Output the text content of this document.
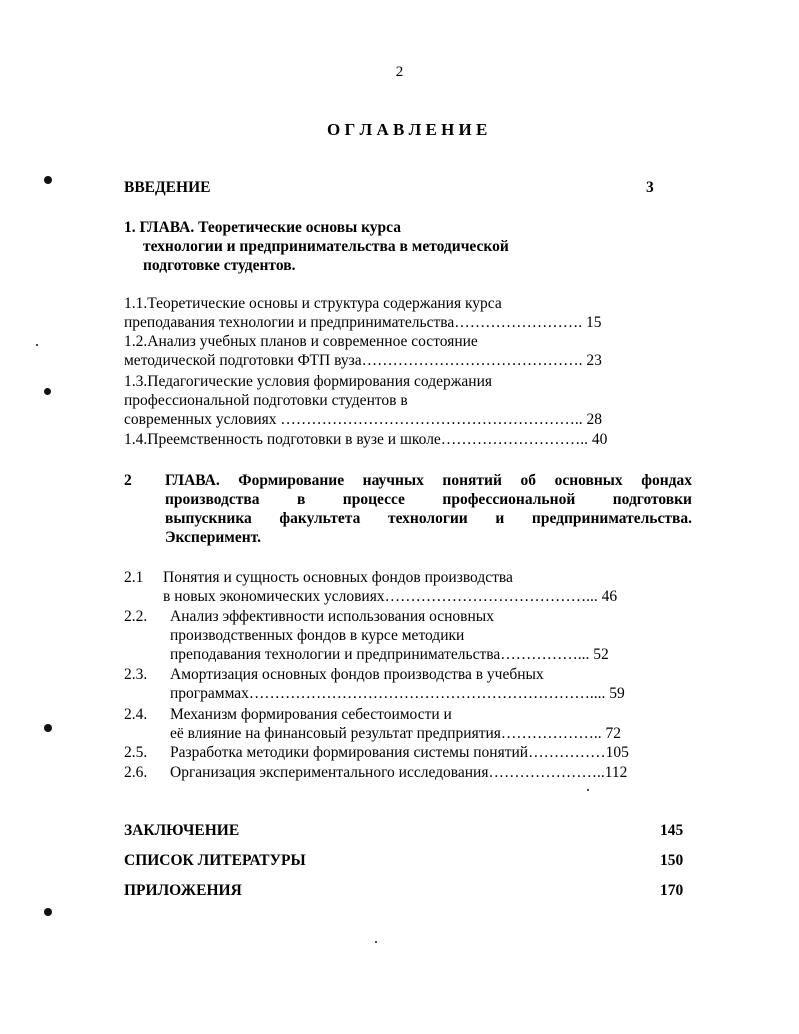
2
О Г Л А В Л Е Н И Е
ВВЕДЕНИЕ	3
1. ГЛАВА. Теоретические основы курса
технологии и предпринимательства в методической
подготовке студентов.
1.1.Теоретические основы и структура содержания курса
преподавания технологии и предпринимательства……………………. 15
1.2.Анализ учебных планов и современное состояние
методической подготовки ФТП вуза……………………………………. 23
1.3.Педагогические условия формирования содержания
профессиональной подготовки студентов в
современных условиях ………………………………………………….. 28
1.4.Преемственность подготовки в вузе и школе……………………….. 40
2 ГЛАВА. Формирование научных понятий об основных фондах
производства в процессе профессиональной подготовки
выпускника факультета технологии и предпринимательства.
Эксперимент.
2.1 Понятия и сущность основных фондов производства
в новых экономических условиях…………………………………... 46
2.2. Анализ эффективности использования основных
производственных фондов в курсе методики
преподавания технологии и предпринимательства……………... 52
2.3. Амортизация основных фондов производства в учебных
программах………………………………………………………….... 59
2.4. Механизм формирования себестоимости и
её влияние на финансовый результат предприятия……………….. 72
2.5. Разработка методики формирования системы понятий……………105
2.6. Организация экспериментального исследования…………………..112
ЗАКЛЮЧЕНИЕ	145
СПИСОК ЛИТЕРАТУРЫ	150
ПРИЛОЖЕНИЯ	170
